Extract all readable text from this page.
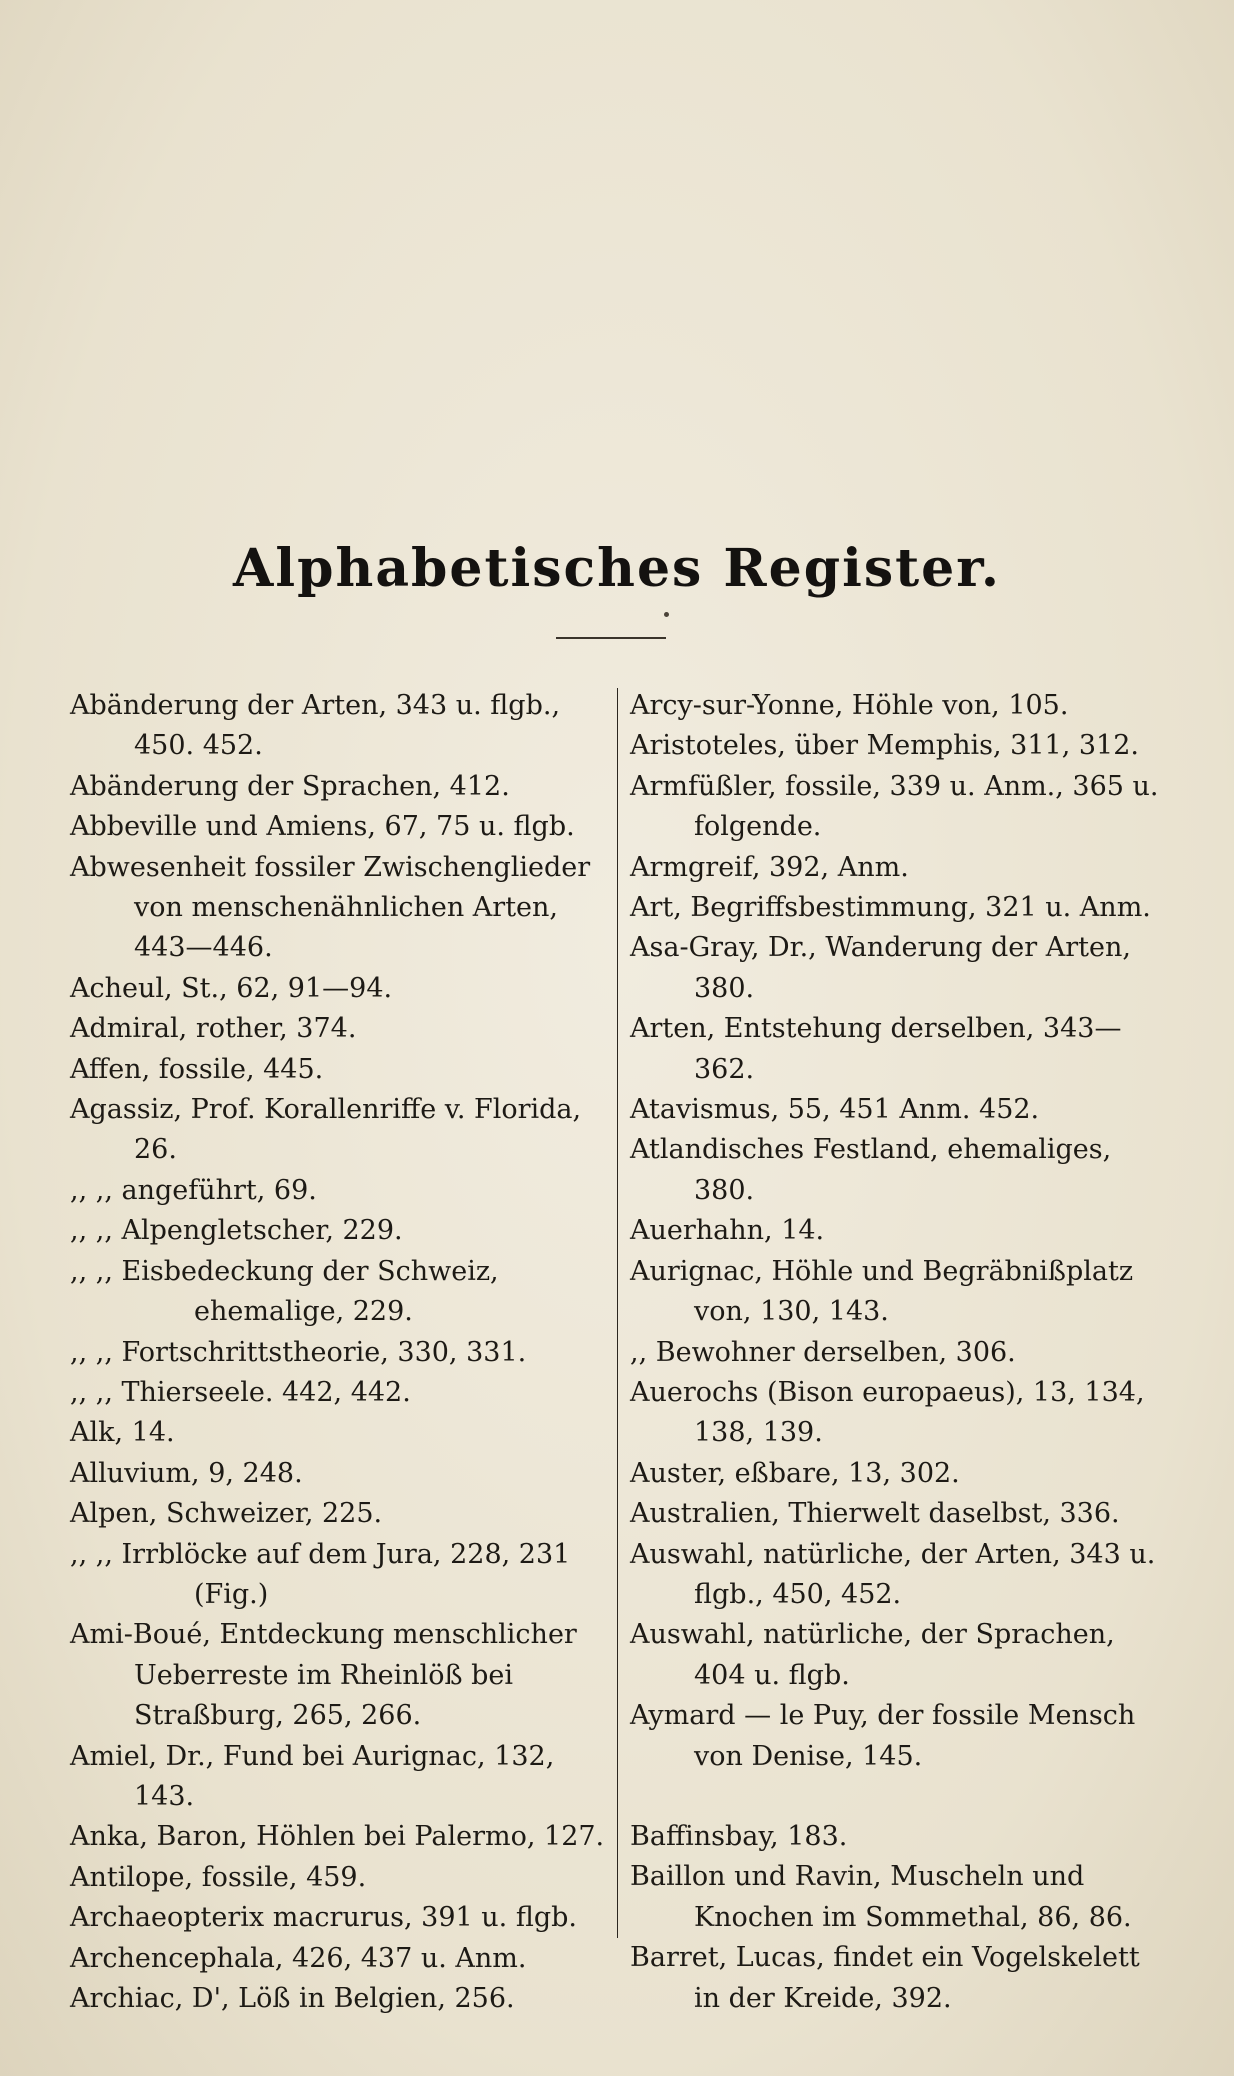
Alphabetisches Register.

Abänderung der Arten, 343 u. flgb., 450. 452.

Abänderung der Sprachen, 412.

Abbeville und Amiens, 67, 75 u. flgb.

Abwesenheit fossiler Zwischenglieder von menschenähnlichen Arten, 443—446.

Acheul, St., 62, 91—94.

Admiral, rother, 374.

Affen, fossile, 445.

Agassiz, Prof. Korallenriffe v. Florida, 26.

,, ,, angeführt, 69.

,, ,, Alpengletscher, 229.

,, ,, Eisbedeckung der Schweiz, ehemalige, 229.

,, ,, Fortschrittstheorie, 330, 331.

,, ,, Thierseele. 442, 442.

Alk, 14.

Alluvium, 9, 248.

Alpen, Schweizer, 225.

,, ,, Irrblöcke auf dem Jura, 228, 231 (Fig.)

Ami-Boué, Entdeckung menschlicher Ueberreste im Rheinlöß bei Straßburg, 265, 266.

Amiel, Dr., Fund bei Aurignac, 132, 143.

Anka, Baron, Höhlen bei Palermo, 127.

Antilope, fossile, 459.

Archaeopterix macrurus, 391 u. flgb.

Archencephala, 426, 437 u. Anm.

Archiac, D', Löß in Belgien, 256.

Arcy-sur-Yonne, Höhle von, 105.

Aristoteles, über Memphis, 311, 312.

Armfüßler, fossile, 339 u. Anm., 365 u. folgende.

Armgreif, 392, Anm.

Art, Begriffsbestimmung, 321 u. Anm.

Asa-Gray, Dr., Wanderung der Arten, 380.

Arten, Entstehung derselben, 343—362.

Atavismus, 55, 451 Anm. 452.

Atlandisches Festland, ehemaliges, 380.

Auerhahn, 14.

Aurignac, Höhle und Begräbnißplatz von, 130, 143.

,, Bewohner derselben, 306.

Auerochs (Bison europaeus), 13, 134, 138, 139.

Auster, eßbare, 13, 302.

Australien, Thierwelt daselbst, 336.

Auswahl, natürliche, der Arten, 343 u. flgb., 450, 452.

Auswahl, natürliche, der Sprachen, 404 u. flgb.

Aymard — le Puy, der fossile Mensch von Denise, 145.

Baffinsbay, 183.

Baillon und Ravin, Muscheln und Knochen im Sommethal, 86, 86.

Barret, Lucas, findet ein Vogelskelett in der Kreide, 392.
